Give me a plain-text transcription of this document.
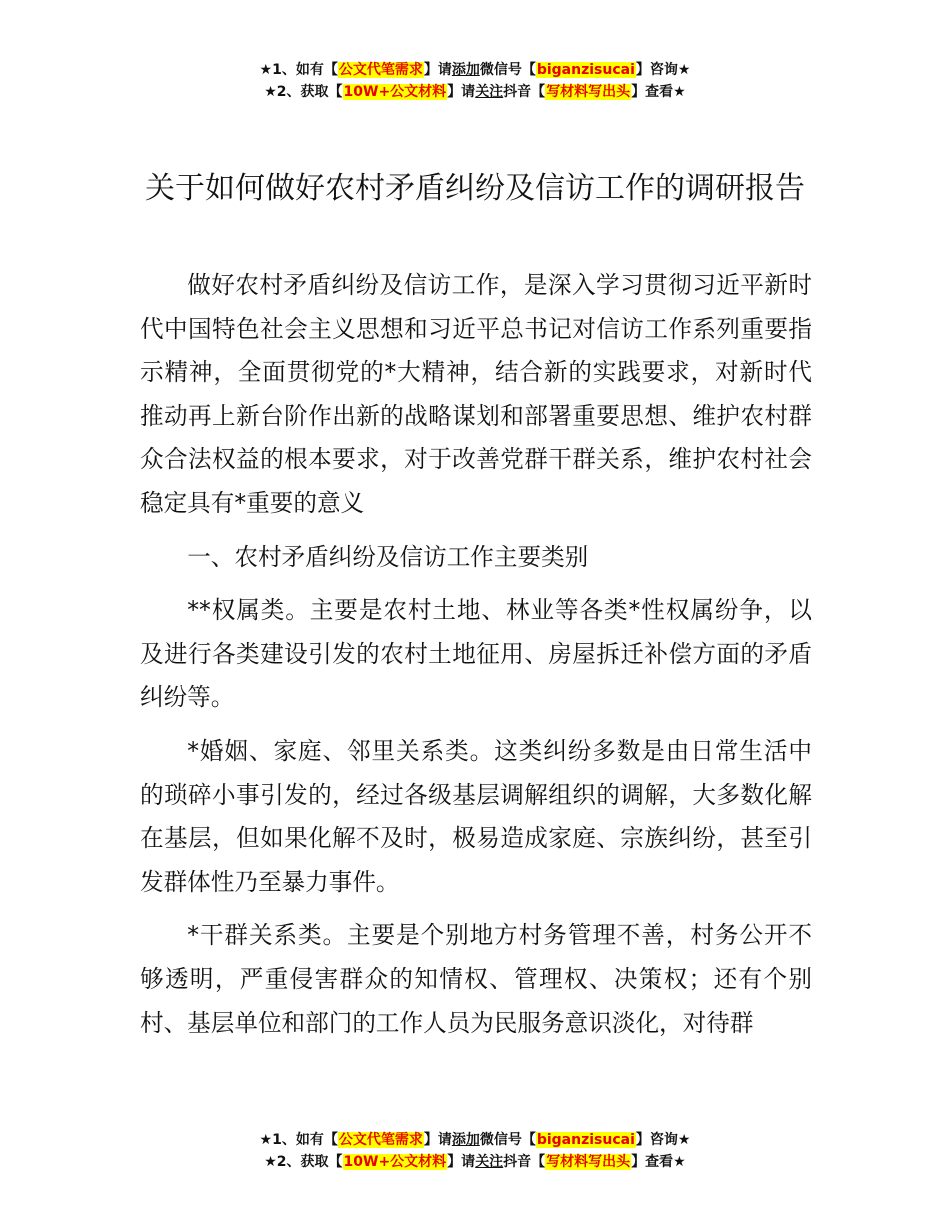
★1、如有【公文代笔需求】请添加微信号【biganzisucai】咨询★
★2、获取【10W+公文材料】请关注抖音【写材料写出头】查看★
关于如何做好农村矛盾纠纷及信访工作的调研报告

做好农村矛盾纠纷及信访工作，是深入学习贯彻习近平新时代中国特色社会主义思想和习近平总书记对信访工作系列重要指示精神，全面贯彻党的*大精神，结合新的实践要求，对新时代推动再上新台阶作出新的战略谋划和部署重要思想、维护农村群众合法权益的根本要求，对于改善党群干群关系，维护农村社会稳定具有*重要的意义

一、农村矛盾纠纷及信访工作主要类别

**权属类。主要是农村土地、林业等各类*性权属纷争，以及进行各类建设引发的农村土地征用、房屋拆迁补偿方面的矛盾纠纷等。

*婚姻、家庭、邻里关系类。这类纠纷多数是由日常生活中的琐碎小事引发的，经过各级基层调解组织的调解，大多数化解在基层，但如果化解不及时，极易造成家庭、宗族纠纷，甚至引发群体性乃至暴力事件。

*干群关系类。主要是个别地方村务管理不善，村务公开不够透明，严重侵害群众的知情权、管理权、决策权；还有个别村、基层单位和部门的工作人员为民服务意识淡化，对待群

★1、如有【公文代笔需求】请添加微信号【biganzisucai】咨询★
★2、获取【10W+公文材料】请关注抖音【写材料写出头】查看★
